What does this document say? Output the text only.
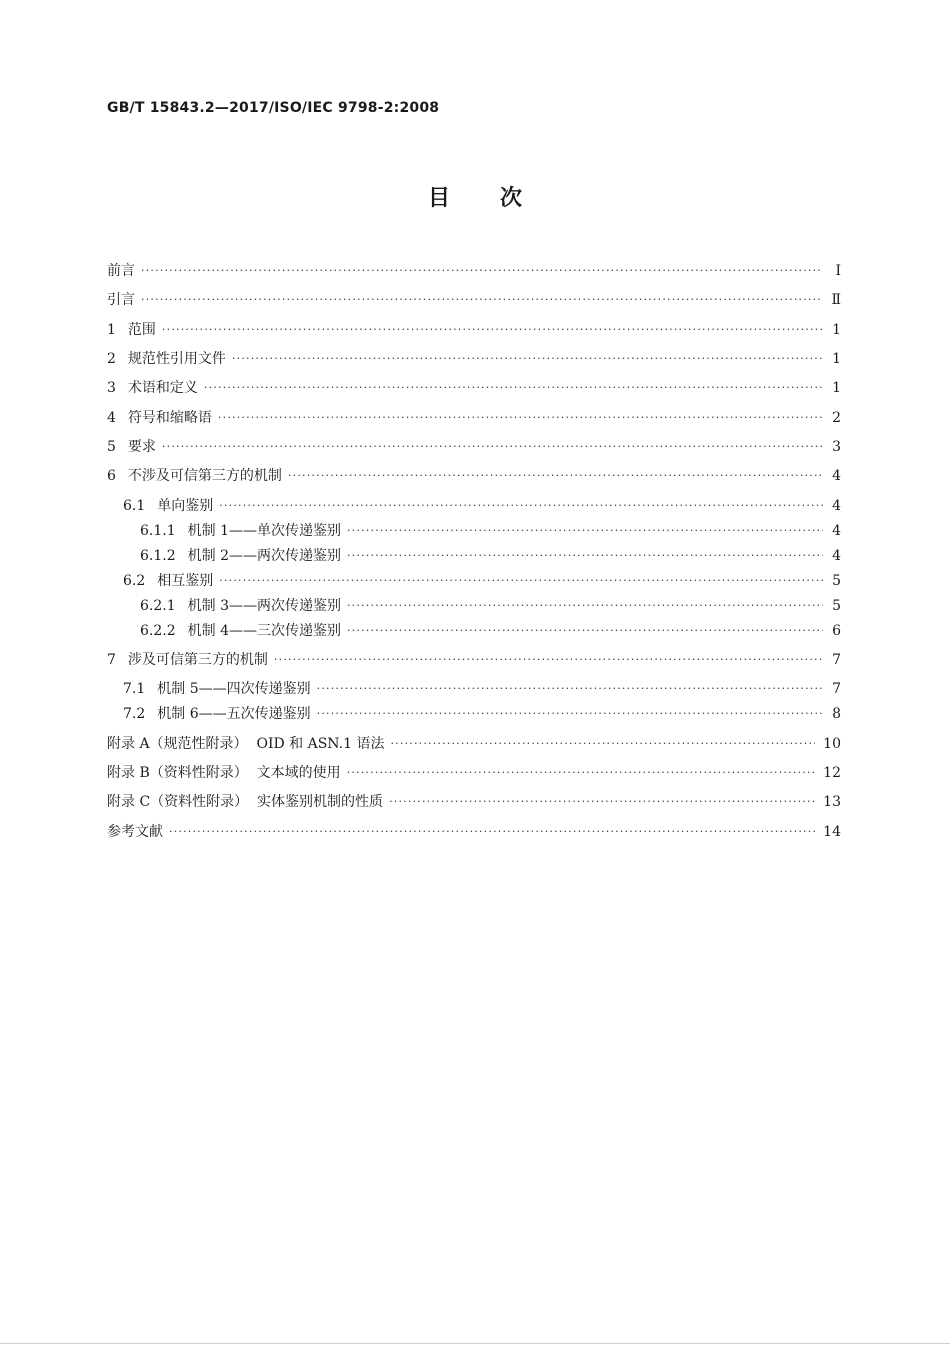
GB/T 15843.2—2017/ISO/IEC 9798-2:2008
目 次
前言 ·····	Ⅰ
引言 ·····	Ⅱ
1 范围 ·····	1
2 规范性引用文件 ·····	1
3 术语和定义 ·····	1
4 符号和缩略语 ·····	2
5 要求 ·····	3
6 不涉及可信第三方的机制 ·····	4
6.1 单向鉴别 ·····	4
6.1.1 机制 1——单次传递鉴别 ·····	4
6.1.2 机制 2——两次传递鉴别 ·····	4
6.2 相互鉴别 ·····	5
6.2.1 机制 3——两次传递鉴别 ·····	5
6.2.2 机制 4——三次传递鉴别 ·····	6
7 涉及可信第三方的机制 ·····	7
7.1 机制 5——四次传递鉴别 ·····	7
7.2 机制 6——五次传递鉴别 ·····	8
附录 A（规范性附录）  OID 和 ASN.1 语法 ·····	10
附录 B（资料性附录）  文本域的使用 ·····	12
附录 C（资料性附录）  实体鉴别机制的性质 ·····	13
参考文献 ·····	14
